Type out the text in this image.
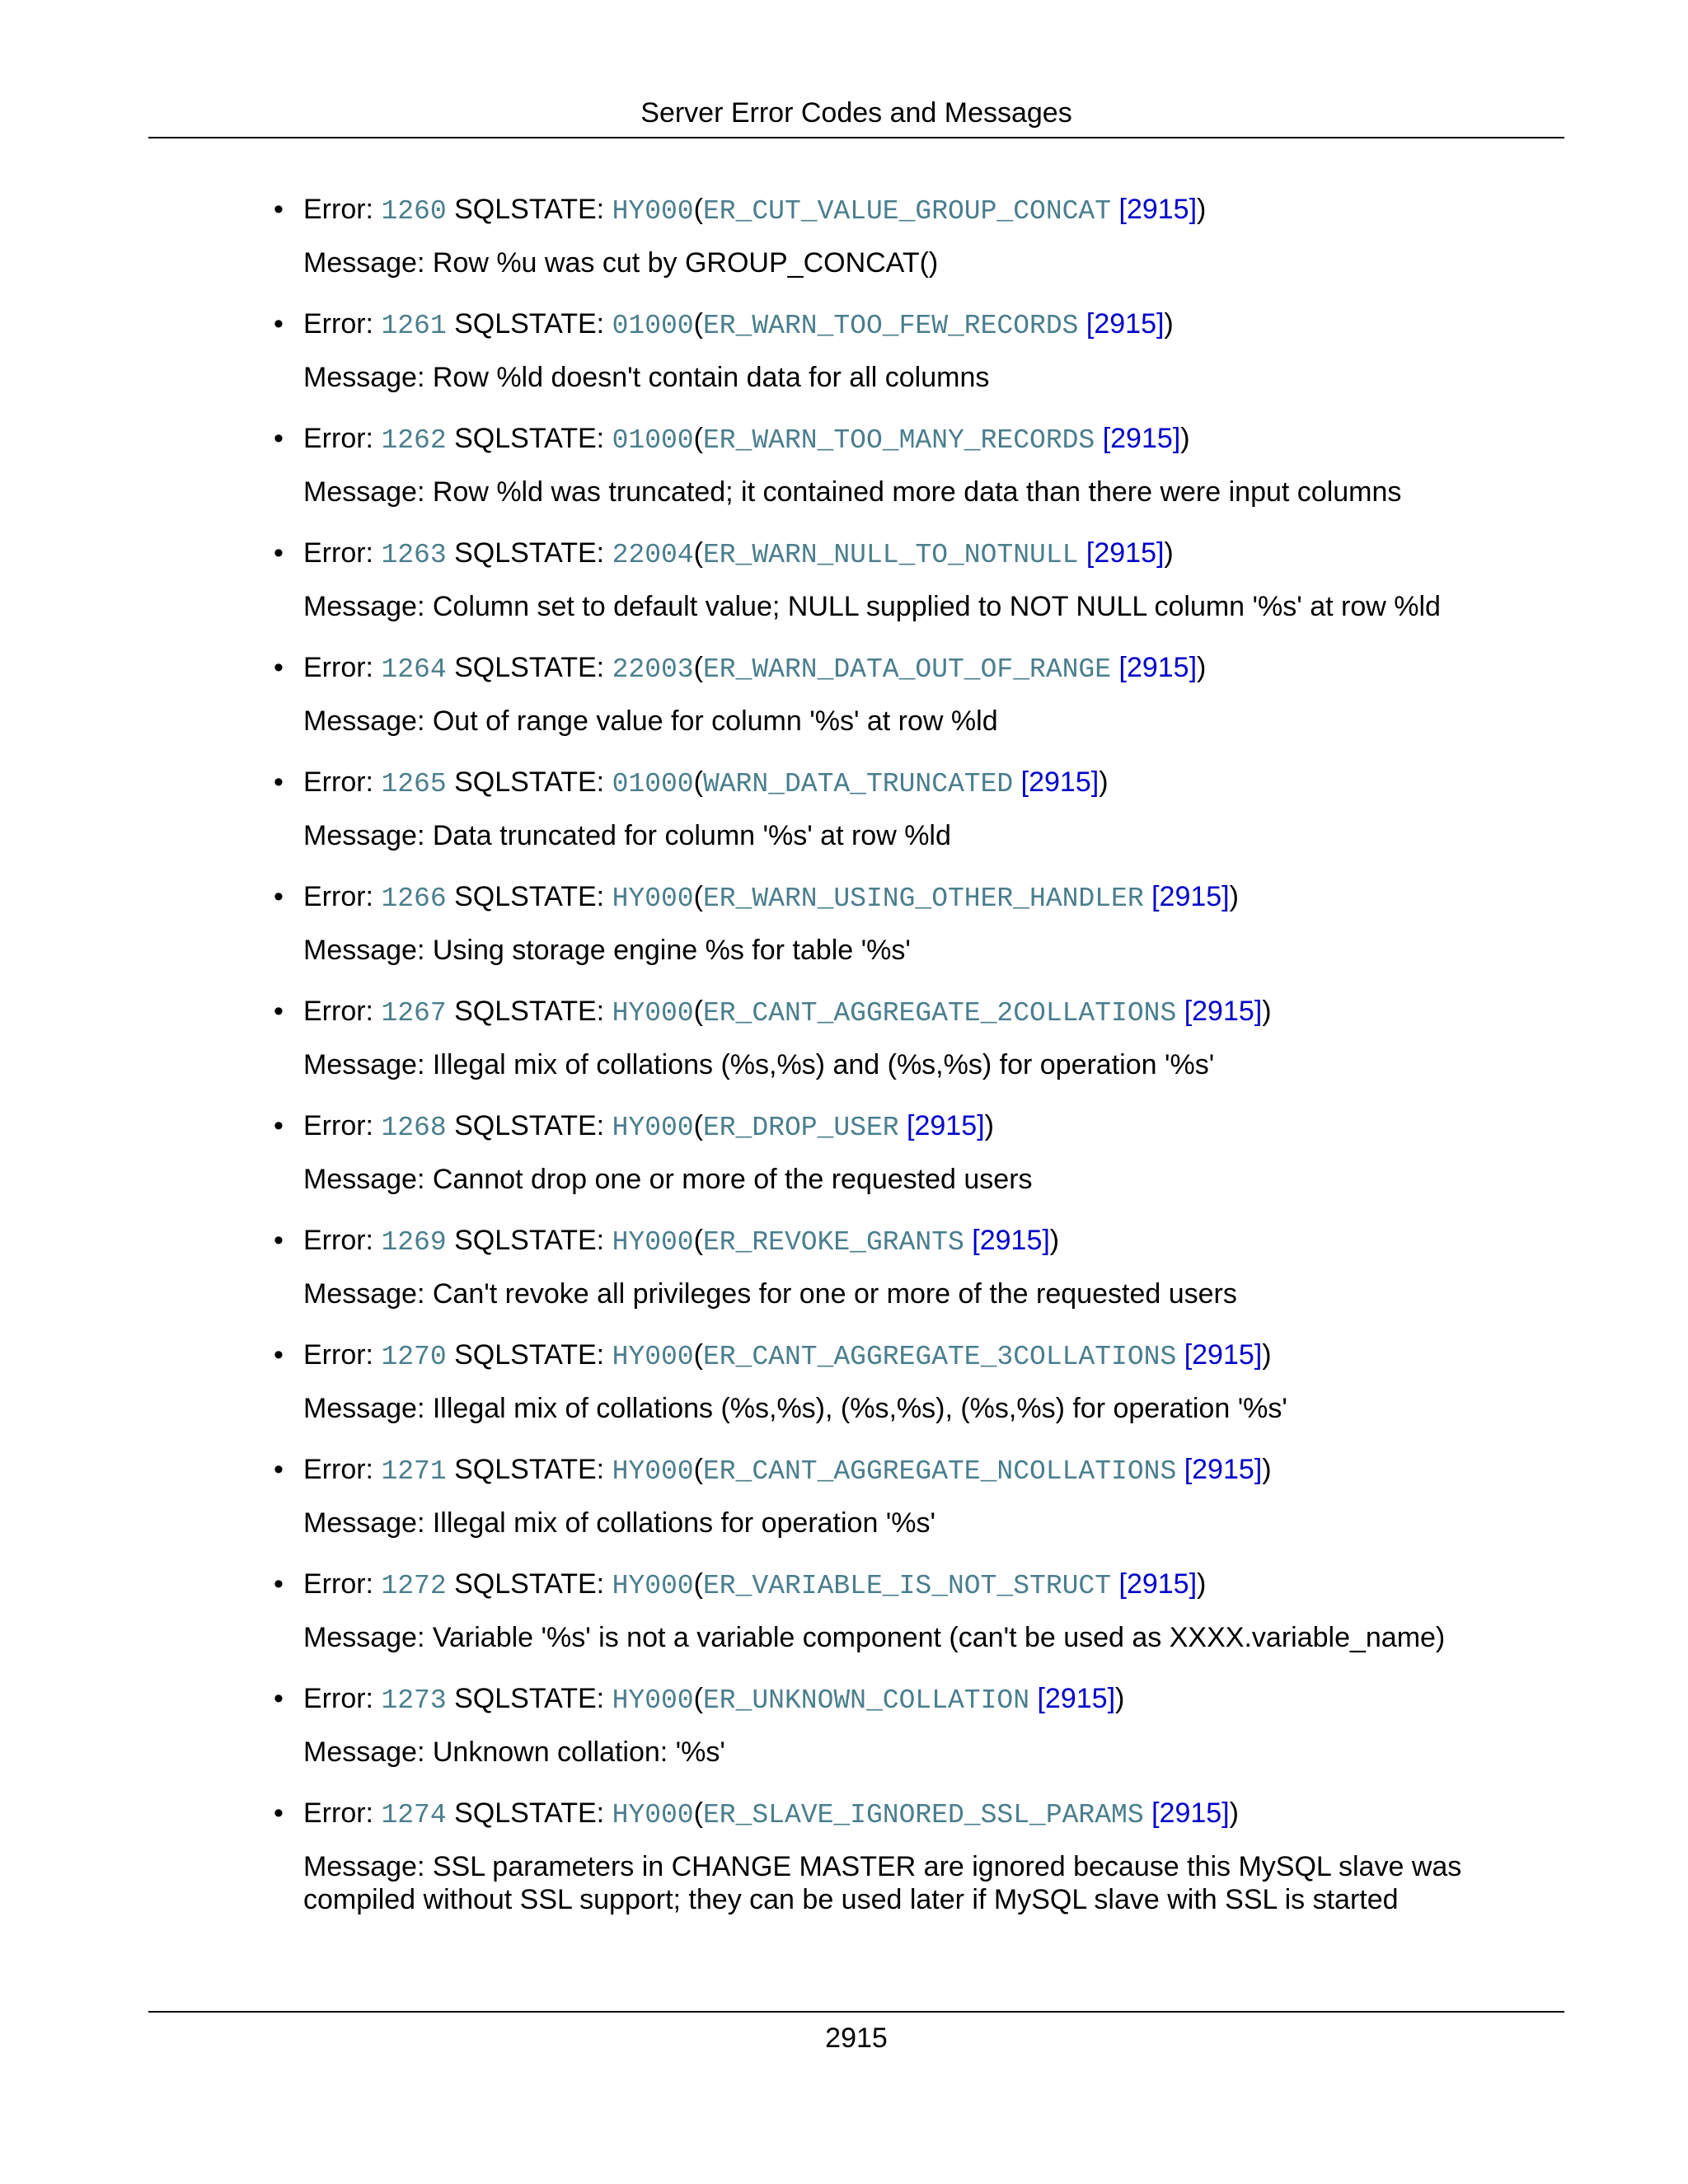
Server Error Codes and Messages
• Error: 1260 SQLSTATE: HY000(ER_CUT_VALUE_GROUP_CONCAT [2915])
Message: Row %u was cut by GROUP_CONCAT()
• Error: 1261 SQLSTATE: 01000(ER_WARN_TOO_FEW_RECORDS [2915])
Message: Row %ld doesn't contain data for all columns
• Error: 1262 SQLSTATE: 01000(ER_WARN_TOO_MANY_RECORDS [2915])
Message: Row %ld was truncated; it contained more data than there were input columns
• Error: 1263 SQLSTATE: 22004(ER_WARN_NULL_TO_NOTNULL [2915])
Message: Column set to default value; NULL supplied to NOT NULL column '%s' at row %ld
• Error: 1264 SQLSTATE: 22003(ER_WARN_DATA_OUT_OF_RANGE [2915])
Message: Out of range value for column '%s' at row %ld
• Error: 1265 SQLSTATE: 01000(WARN_DATA_TRUNCATED [2915])
Message: Data truncated for column '%s' at row %ld
• Error: 1266 SQLSTATE: HY000(ER_WARN_USING_OTHER_HANDLER [2915])
Message: Using storage engine %s for table '%s'
• Error: 1267 SQLSTATE: HY000(ER_CANT_AGGREGATE_2COLLATIONS [2915])
Message: Illegal mix of collations (%s,%s) and (%s,%s) for operation '%s'
• Error: 1268 SQLSTATE: HY000(ER_DROP_USER [2915])
Message: Cannot drop one or more of the requested users
• Error: 1269 SQLSTATE: HY000(ER_REVOKE_GRANTS [2915])
Message: Can't revoke all privileges for one or more of the requested users
• Error: 1270 SQLSTATE: HY000(ER_CANT_AGGREGATE_3COLLATIONS [2915])
Message: Illegal mix of collations (%s,%s), (%s,%s), (%s,%s) for operation '%s'
• Error: 1271 SQLSTATE: HY000(ER_CANT_AGGREGATE_NCOLLATIONS [2915])
Message: Illegal mix of collations for operation '%s'
• Error: 1272 SQLSTATE: HY000(ER_VARIABLE_IS_NOT_STRUCT [2915])
Message: Variable '%s' is not a variable component (can't be used as XXXX.variable_name)
• Error: 1273 SQLSTATE: HY000(ER_UNKNOWN_COLLATION [2915])
Message: Unknown collation: '%s'
• Error: 1274 SQLSTATE: HY000(ER_SLAVE_IGNORED_SSL_PARAMS [2915])
Message: SSL parameters in CHANGE MASTER are ignored because this MySQL slave was compiled without SSL support; they can be used later if MySQL slave with SSL is started
2915
